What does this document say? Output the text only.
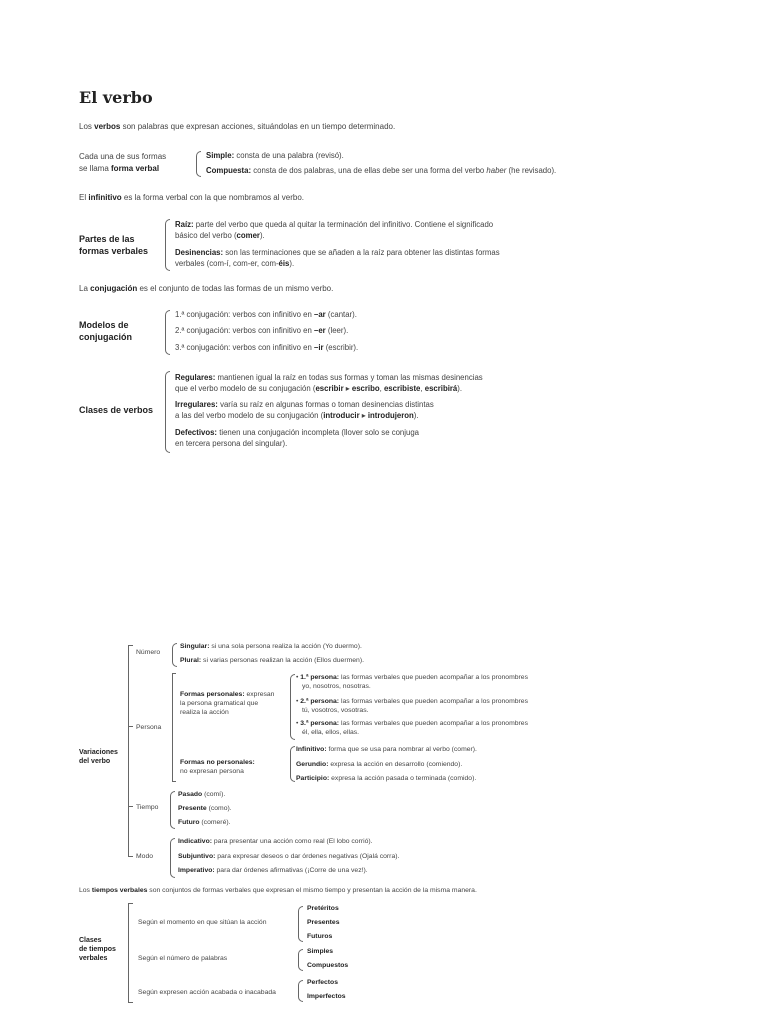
El verbo
Los verbos son palabras que expresan acciones, situándolas en un tiempo determinado.
Cada una de sus formas
se llama forma verbal
Simple: consta de una palabra (revisó).
Compuesta: consta de dos palabras, una de ellas debe ser una forma del verbo haber (he revisado).
El infinitivo es la forma verbal con la que nombramos al verbo.
Partes de las
formas verbales
Raíz: parte del verbo que queda al quitar la terminación del infinitivo. Contiene el significado
básico del verbo (comer).
Desinencias: son las terminaciones que se añaden a la raíz para obtener las distintas formas
verbales (com-í, com-er, com-éis).
La conjugación es el conjunto de todas las formas de un mismo verbo.
Modelos de
conjugación
1.ª conjugación: verbos con infinitivo en –ar (cantar).
2.ª conjugación: verbos con infinitivo en –er (leer).
3.ª conjugación: verbos con infinitivo en –ir (escribir).
Clases de verbos
Regulares: mantienen igual la raíz en todas sus formas y toman las mismas desinencias
que el verbo modelo de su conjugación (escribir ▸ escribo, escribiste, escribirá).
Irregulares: varía su raíz en algunas formas o toman desinencias distintas
a las del verbo modelo de su conjugación (introducir ▸ introdujeron).
Defectivos: tienen una conjugación incompleta (llover solo se conjuga
en tercera persona del singular).
Variaciones
del verbo
Número
Singular: si una sola persona realiza la acción (Yo duermo).
Plural: si varias personas realizan la acción (Ellos duermen).
Persona
Formas personales: expresan
la persona gramatical que
realiza la acción
• 1.ª persona: las formas verbales que pueden acompañar a los pronombres
yo, nosotros, nosotras.
• 2.ª persona: las formas verbales que pueden acompañar a los pronombres
tú, vosotros, vosotras.
• 3.ª persona: las formas verbales que pueden acompañar a los pronombres
él, ella, ellos, ellas.
Formas no personales:
no expresan persona
Infinitivo: forma que se usa para nombrar al verbo (comer).
Gerundio: expresa la acción en desarrollo (comiendo).
Participio: expresa la acción pasada o terminada (comido).
Tiempo
Pasado (comí).
Presente (como).
Futuro (comeré).
Modo
Indicativo: para presentar una acción como real (El lobo corrió).
Subjuntivo: para expresar deseos o dar órdenes negativas (Ojalá corra).
Imperativo: para dar órdenes afirmativas (¡Corre de una vez!).
Los tiempos verbales son conjuntos de formas verbales que expresan el mismo tiempo y presentan la acción de la misma manera.
Clases
de tiempos
verbales
Según el momento en que sitúan la acción
Pretéritos
Presentes
Futuros
Según el número de palabras
Simples
Compuestos
Según expresen acción acabada o inacabada
Perfectos
Imperfectos
